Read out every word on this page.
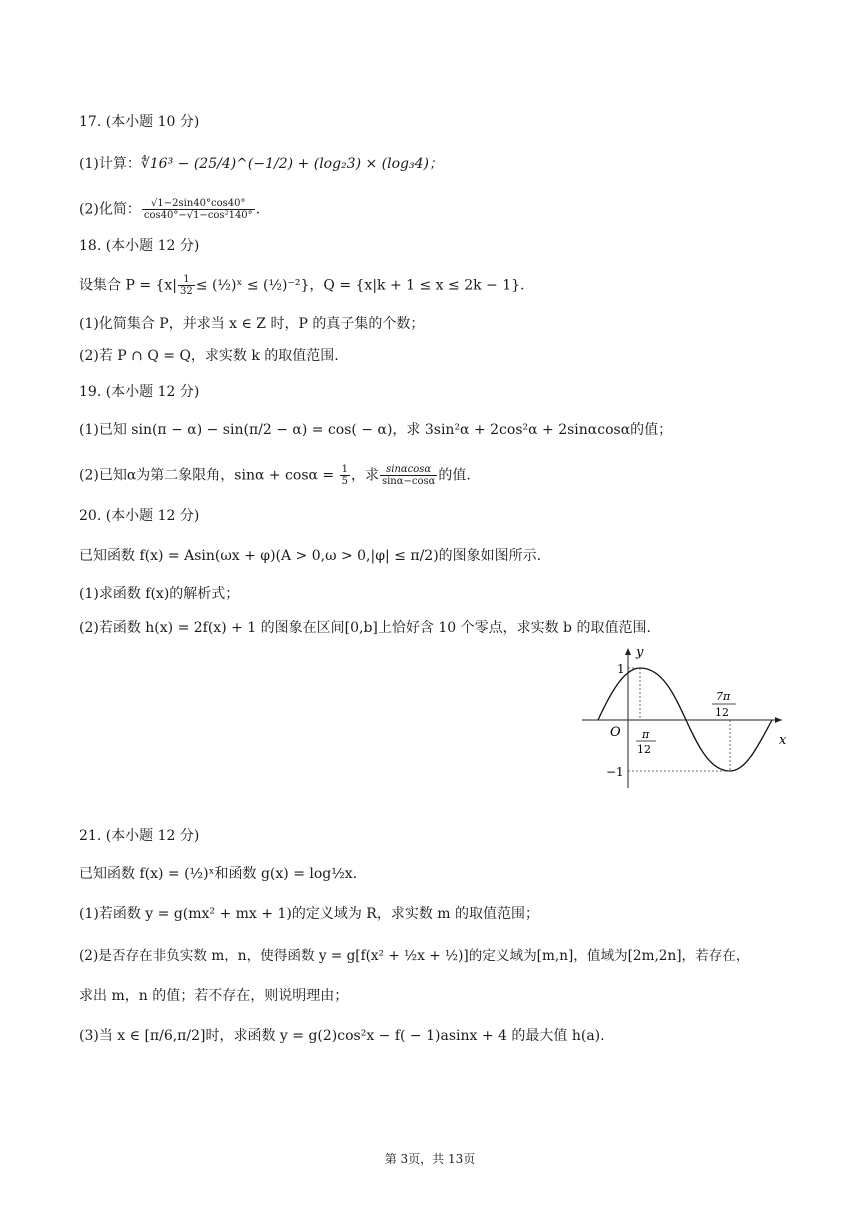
17. (本小题 10 分)
(1)计算：∜16³ − (25/4)^(−1/2) + (log₂3) × (log₃4)；
(2)化简： $\frac{√1-2\sin 40^\circ\cos 40^\circ}{\text{cos40°−√1−cos²140°}}$ .
18. (本小题 12 分)
设集合 $P = \{x| \frac{1}{32}$ ≤ (½)ˣ ≤ (½)⁻²}，Q = {x|k + 1 ≤ x ≤ 2k − 1}.
(1)化简集合 P，并求当 x ∈ Z 时，P 的真子集的个数；
(2)若 P ∩ Q = Q，求实数 k 的取值范围.
19. (本小题 12 分)
(1)已知 sin(π − α) − sin(π/2 − α) = cos( − α)，求 3sin²α + 2cos²α + 2sinαcosα的值；
(2)已知α为第二象限角，$\sin\alpha + \cos\alpha = \frac{1}{5}$ ，求 $\frac{\sin\alpha\cos\alpha}{\sin\alpha-\cos\alpha}$ 的值.
20. (本小题 12 分)
已知函数 f(x) = Asin(ωx + φ)(A > 0,ω > 0,|φ| ≤ π/2)的图象如图所示.
(1)求函数 f(x)的解析式；
(2)若函数 h(x) = 2f(x) + 1 的图象在区间[0,b]上恰好含 10 个零点，求实数 b 的取值范围.
y
x
O
1
−1
π
12
7π
12
21. (本小题 12 分)
已知函数 f(x) = (½)ˣ和函数 g(x) = log½x.
(1)若函数 y = g(mx² + mx + 1)的定义域为 R，求实数 m 的取值范围；
(2)是否存在非负实数 m，n，使得函数 y = g[f(x² + ½x + ½)]的定义域为[m,n]，值域为[2m,2n]，若存在，
求出 m，n 的值；若不存在，则说明理由；
(3)当 x ∈ [π/6,π/2]时，求函数 y = g(2)cos²x − f( − 1)asinx + 4 的最大值 h(a).
第 3页，共 13页
